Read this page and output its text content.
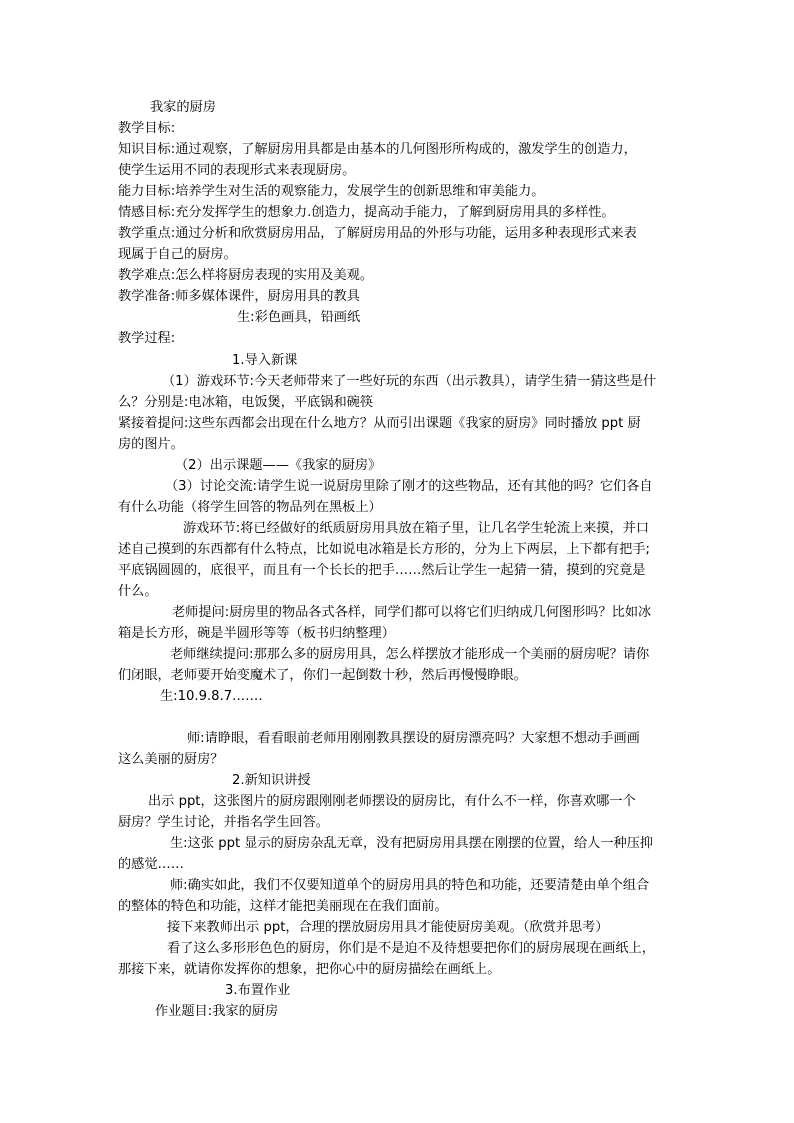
我家的厨房
教学目标:
知识目标:通过观察，了解厨房用具都是由基本的几何图形所构成的，激发学生的创造力，
使学生运用不同的表现形式来表现厨房。
能力目标:培养学生对生活的观察能力，发展学生的创新思维和审美能力。
情感目标:充分发挥学生的想象力.创造力，提高动手能力，了解到厨房用具的多样性。
教学重点:通过分析和欣赏厨房用品，了解厨房用品的外形与功能，运用多种表现形式来表
现属于自己的厨房。
教学难点:怎么样将厨房表现的实用及美观。
教学准备:师多媒体课件，厨房用具的教具
生:彩色画具，铅画纸
教学过程:
1.导入新课
（1）游戏环节:今天老师带来了一些好玩的东西（出示教具），请学生猜一猜这些是什
么？分别是:电冰箱，电饭煲，平底锅和碗筷
紧接着提问:这些东西都会出现在什么地方？从而引出课题《我家的厨房》同时播放 ppt 厨
房的图片。
（2）出示课题——《我家的厨房》
（3）讨论交流:请学生说一说厨房里除了刚才的这些物品，还有其他的吗？它们各自
有什么功能（将学生回答的物品列在黑板上）
游戏环节:将已经做好的纸质厨房用具放在箱子里，让几名学生轮流上来摸，并口
述自己摸到的东西都有什么特点，比如说电冰箱是长方形的，分为上下两层，上下都有把手;
平底锅圆圆的，底很平，而且有一个长长的把手……然后让学生一起猜一猜，摸到的究竟是
什么。
老师提问:厨房里的物品各式各样，同学们都可以将它们归纳成几何图形吗？比如冰
箱是长方形，碗是半圆形等等（板书归纳整理）
老师继续提问:那那么多的厨房用具，怎么样摆放才能形成一个美丽的厨房呢？请你
们闭眼，老师要开始变魔术了，你们一起倒数十秒，然后再慢慢睁眼。
生:10.9.8.7.……
师:请睁眼，看看眼前老师用刚刚教具摆设的厨房漂亮吗？大家想不想动手画画
这么美丽的厨房？
2.新知识讲授
出示 ppt，这张图片的厨房跟刚刚老师摆设的厨房比，有什么不一样，你喜欢哪一个
厨房？学生讨论，并指名学生回答。
生:这张 ppt 显示的厨房杂乱无章，没有把厨房用具摆在刚摆的位置，给人一种压抑
的感觉……
师:确实如此，我们不仅要知道单个的厨房用具的特色和功能，还要清楚由单个组合
的整体的特色和功能，这样才能把美丽现在在我们面前。
接下来教师出示 ppt，合理的摆放厨房用具才能使厨房美观。（欣赏并思考）
看了这么多形形色色的厨房，你们是不是迫不及待想要把你们的厨房展现在画纸上，
那接下来，就请你发挥你的想象，把你心中的厨房描绘在画纸上。
3.布置作业
作业题目:我家的厨房
